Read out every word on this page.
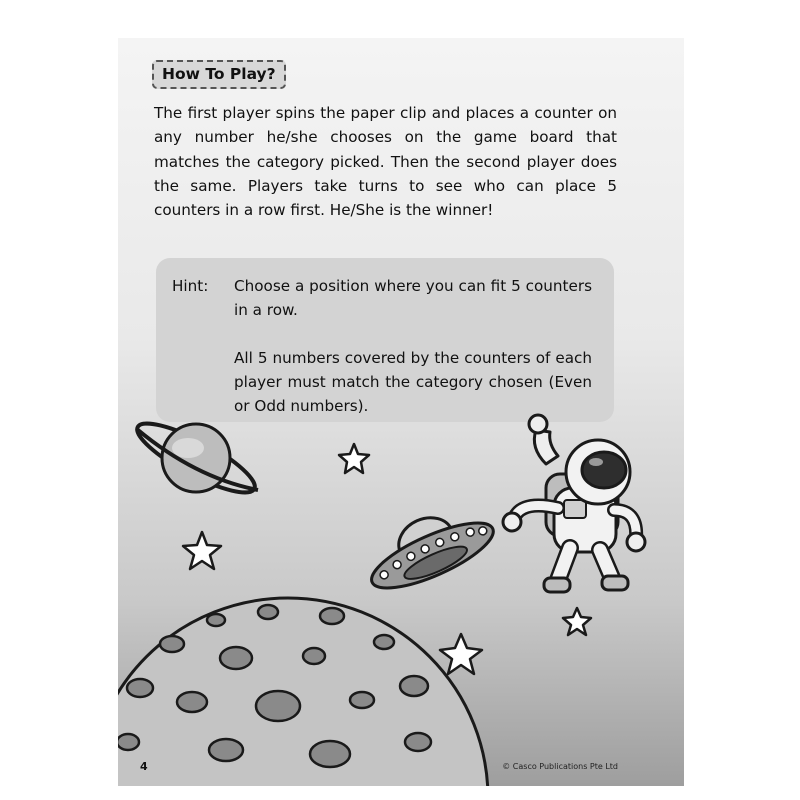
How To Play?

The first player spins the paper clip and places a counter on any number he/she chooses on the game board that matches the category picked. Then the second player does the same. Players take turns to see who can place 5 counters in a row first. He/She is the winner!

Hint: Choose a position where you can fit 5 counters in a row.
All 5 numbers covered by the counters of each player must match the category chosen (Even or Odd numbers).
4	© Casco Publications Pte Ltd
